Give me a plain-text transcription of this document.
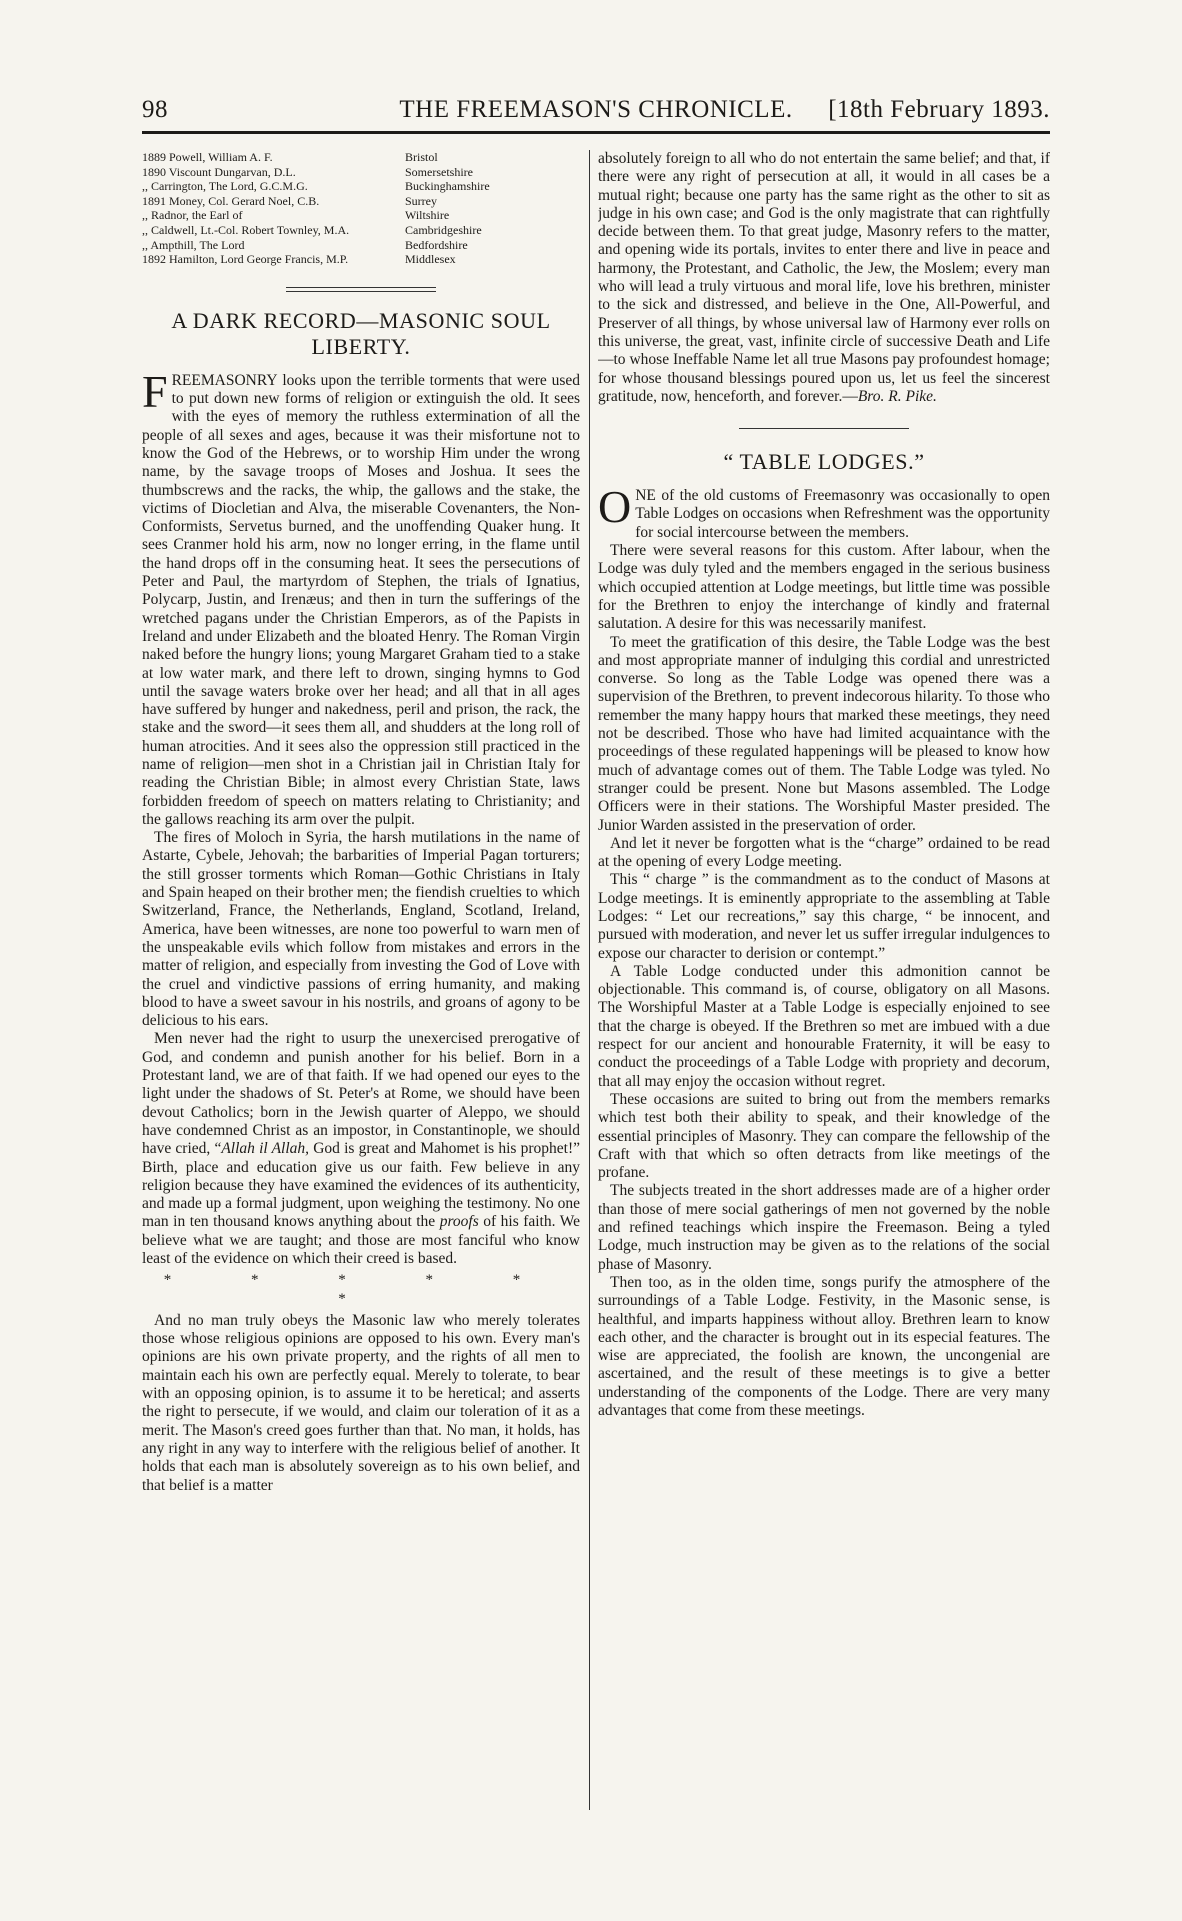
98	THE FREEMASON'S CHRONICLE.	[18th February 1893.
1889 Powell, William A. F.	Bristol
1890 Viscount Dungarvan, D.L.	Somersetshire
,, Carrington, The Lord, G.C.M.G.	Buckinghamshire
1891 Money, Col. Gerard Noel, C.B.	Surrey
,, Radnor, the Earl of	Wiltshire
,, Caldwell, Lt.-Col. Robert Townley, M.A.	Cambridgeshire
,, Ampthill, The Lord	Bedfordshire
1892 Hamilton, Lord George Francis, M.P.	Middlesex
A DARK RECORD—MASONIC SOUL LIBERTY.

FREEMASONRY looks upon the terrible torments that were used to put down new forms of religion or extinguish the old. It sees with the eyes of memory the ruthless extermination of all the people of all sexes and ages, because it was their misfortune not to know the God of the Hebrews, or to worship Him under the wrong name, by the savage troops of Moses and Joshua. It sees the thumbscrews and the racks, the whip, the gallows and the stake, the victims of Diocletian and Alva, the miserable Covenanters, the Non-Conformists, Servetus burned, and the unoffending Quaker hung. It sees Cranmer hold his arm, now no longer erring, in the flame until the hand drops off in the consuming heat. It sees the persecutions of Peter and Paul, the martyrdom of Stephen, the trials of Ignatius, Polycarp, Justin, and Irenæus; and then in turn the sufferings of the wretched pagans under the Christian Emperors, as of the Papists in Ireland and under Elizabeth and the bloated Henry. The Roman Virgin naked before the hungry lions; young Margaret Graham tied to a stake at low water mark, and there left to drown, singing hymns to God until the savage waters broke over her head; and all that in all ages have suffered by hunger and nakedness, peril and prison, the rack, the stake and the sword—it sees them all, and shudders at the long roll of human atrocities. And it sees also the oppression still practiced in the name of religion—men shot in a Christian jail in Christian Italy for reading the Christian Bible; in almost every Christian State, laws forbidden freedom of speech on matters relating to Christianity; and the gallows reaching its arm over the pulpit.

The fires of Moloch in Syria, the harsh mutilations in the name of Astarte, Cybele, Jehovah; the barbarities of Imperial Pagan torturers; the still grosser torments which Roman—Gothic Christians in Italy and Spain heaped on their brother men; the fiendish cruelties to which Switzerland, France, the Netherlands, England, Scotland, Ireland, America, have been witnesses, are none too powerful to warn men of the unspeakable evils which follow from mistakes and errors in the matter of religion, and especially from investing the God of Love with the cruel and vindictive passions of erring humanity, and making blood to have a sweet savour in his nostrils, and groans of agony to be delicious to his ears.

Men never had the right to usurp the unexercised prerogative of God, and condemn and punish another for his belief. Born in a Protestant land, we are of that faith. If we had opened our eyes to the light under the shadows of St. Peter's at Rome, we should have been devout Catholics; born in the Jewish quarter of Aleppo, we should have condemned Christ as an impostor, in Constantinople, we should have cried, “Allah il Allah, God is great and Mahomet is his prophet!” Birth, place and education give us our faith. Few believe in any religion because they have examined the evidences of its authenticity, and made up a formal judgment, upon weighing the testimony. No one man in ten thousand knows anything about the proofs of his faith. We believe what we are taught; and those are most fanciful who know least of the evidence on which their creed is based.

* * * * * *

And no man truly obeys the Masonic law who merely tolerates those whose religious opinions are opposed to his own. Every man's opinions are his own private property, and the rights of all men to maintain each his own are perfectly equal. Merely to tolerate, to bear with an opposing opinion, is to assume it to be heretical; and asserts the right to persecute, if we would, and claim our toleration of it as a merit. The Mason's creed goes further than that. No man, it holds, has any right in any way to interfere with the religious belief of another. It holds that each man is absolutely sovereign as to his own belief, and that belief is a matter

absolutely foreign to all who do not entertain the same belief; and that, if there were any right of persecution at all, it would in all cases be a mutual right; because one party has the same right as the other to sit as judge in his own case; and God is the only magistrate that can rightfully decide between them. To that great judge, Masonry refers to the matter, and opening wide its portals, invites to enter there and live in peace and harmony, the Protestant, and Catholic, the Jew, the Moslem; every man who will lead a truly virtuous and moral life, love his brethren, minister to the sick and distressed, and believe in the One, All-Powerful, and Preserver of all things, by whose universal law of Harmony ever rolls on this universe, the great, vast, infinite circle of successive Death and Life—to whose Ineffable Name let all true Masons pay profoundest homage; for whose thousand blessings poured upon us, let us feel the sincerest gratitude, now, henceforth, and forever.—Bro. R. Pike.

“ TABLE LODGES.”

ONE of the old customs of Freemasonry was occasionally to open Table Lodges on occasions when Refreshment was the opportunity for social intercourse between the members.

There were several reasons for this custom. After labour, when the Lodge was duly tyled and the members engaged in the serious business which occupied attention at Lodge meetings, but little time was possible for the Brethren to enjoy the interchange of kindly and fraternal salutation. A desire for this was necessarily manifest.

To meet the gratification of this desire, the Table Lodge was the best and most appropriate manner of indulging this cordial and unrestricted converse. So long as the Table Lodge was opened there was a supervision of the Brethren, to prevent indecorous hilarity. To those who remember the many happy hours that marked these meetings, they need not be described. Those who have had limited acquaintance with the proceedings of these regulated happenings will be pleased to know how much of advantage comes out of them. The Table Lodge was tyled. No stranger could be present. None but Masons assembled. The Lodge Officers were in their stations. The Worshipful Master presided. The Junior Warden assisted in the preservation of order.

And let it never be forgotten what is the “charge” ordained to be read at the opening of every Lodge meeting.

This “ charge ” is the commandment as to the conduct of Masons at Lodge meetings. It is eminently appropriate to the assembling at Table Lodges: “ Let our recreations,” say this charge, “ be innocent, and pursued with moderation, and never let us suffer irregular indulgences to expose our character to derision or contempt.”

A Table Lodge conducted under this admonition cannot be objectionable. This command is, of course, obligatory on all Masons. The Worshipful Master at a Table Lodge is especially enjoined to see that the charge is obeyed. If the Brethren so met are imbued with a due respect for our ancient and honourable Fraternity, it will be easy to conduct the proceedings of a Table Lodge with propriety and decorum, that all may enjoy the occasion without regret.

These occasions are suited to bring out from the members remarks which test both their ability to speak, and their knowledge of the essential principles of Masonry. They can compare the fellowship of the Craft with that which so often detracts from like meetings of the profane.

The subjects treated in the short addresses made are of a higher order than those of mere social gatherings of men not governed by the noble and refined teachings which inspire the Freemason. Being a tyled Lodge, much instruction may be given as to the relations of the social phase of Masonry.

Then too, as in the olden time, songs purify the atmosphere of the surroundings of a Table Lodge. Festivity, in the Masonic sense, is healthful, and imparts happiness without alloy. Brethren learn to know each other, and the character is brought out in its especial features. The wise are appreciated, the foolish are known, the uncongenial are ascertained, and the result of these meetings is to give a better understanding of the components of the Lodge. There are very many advantages that come from these meetings.
